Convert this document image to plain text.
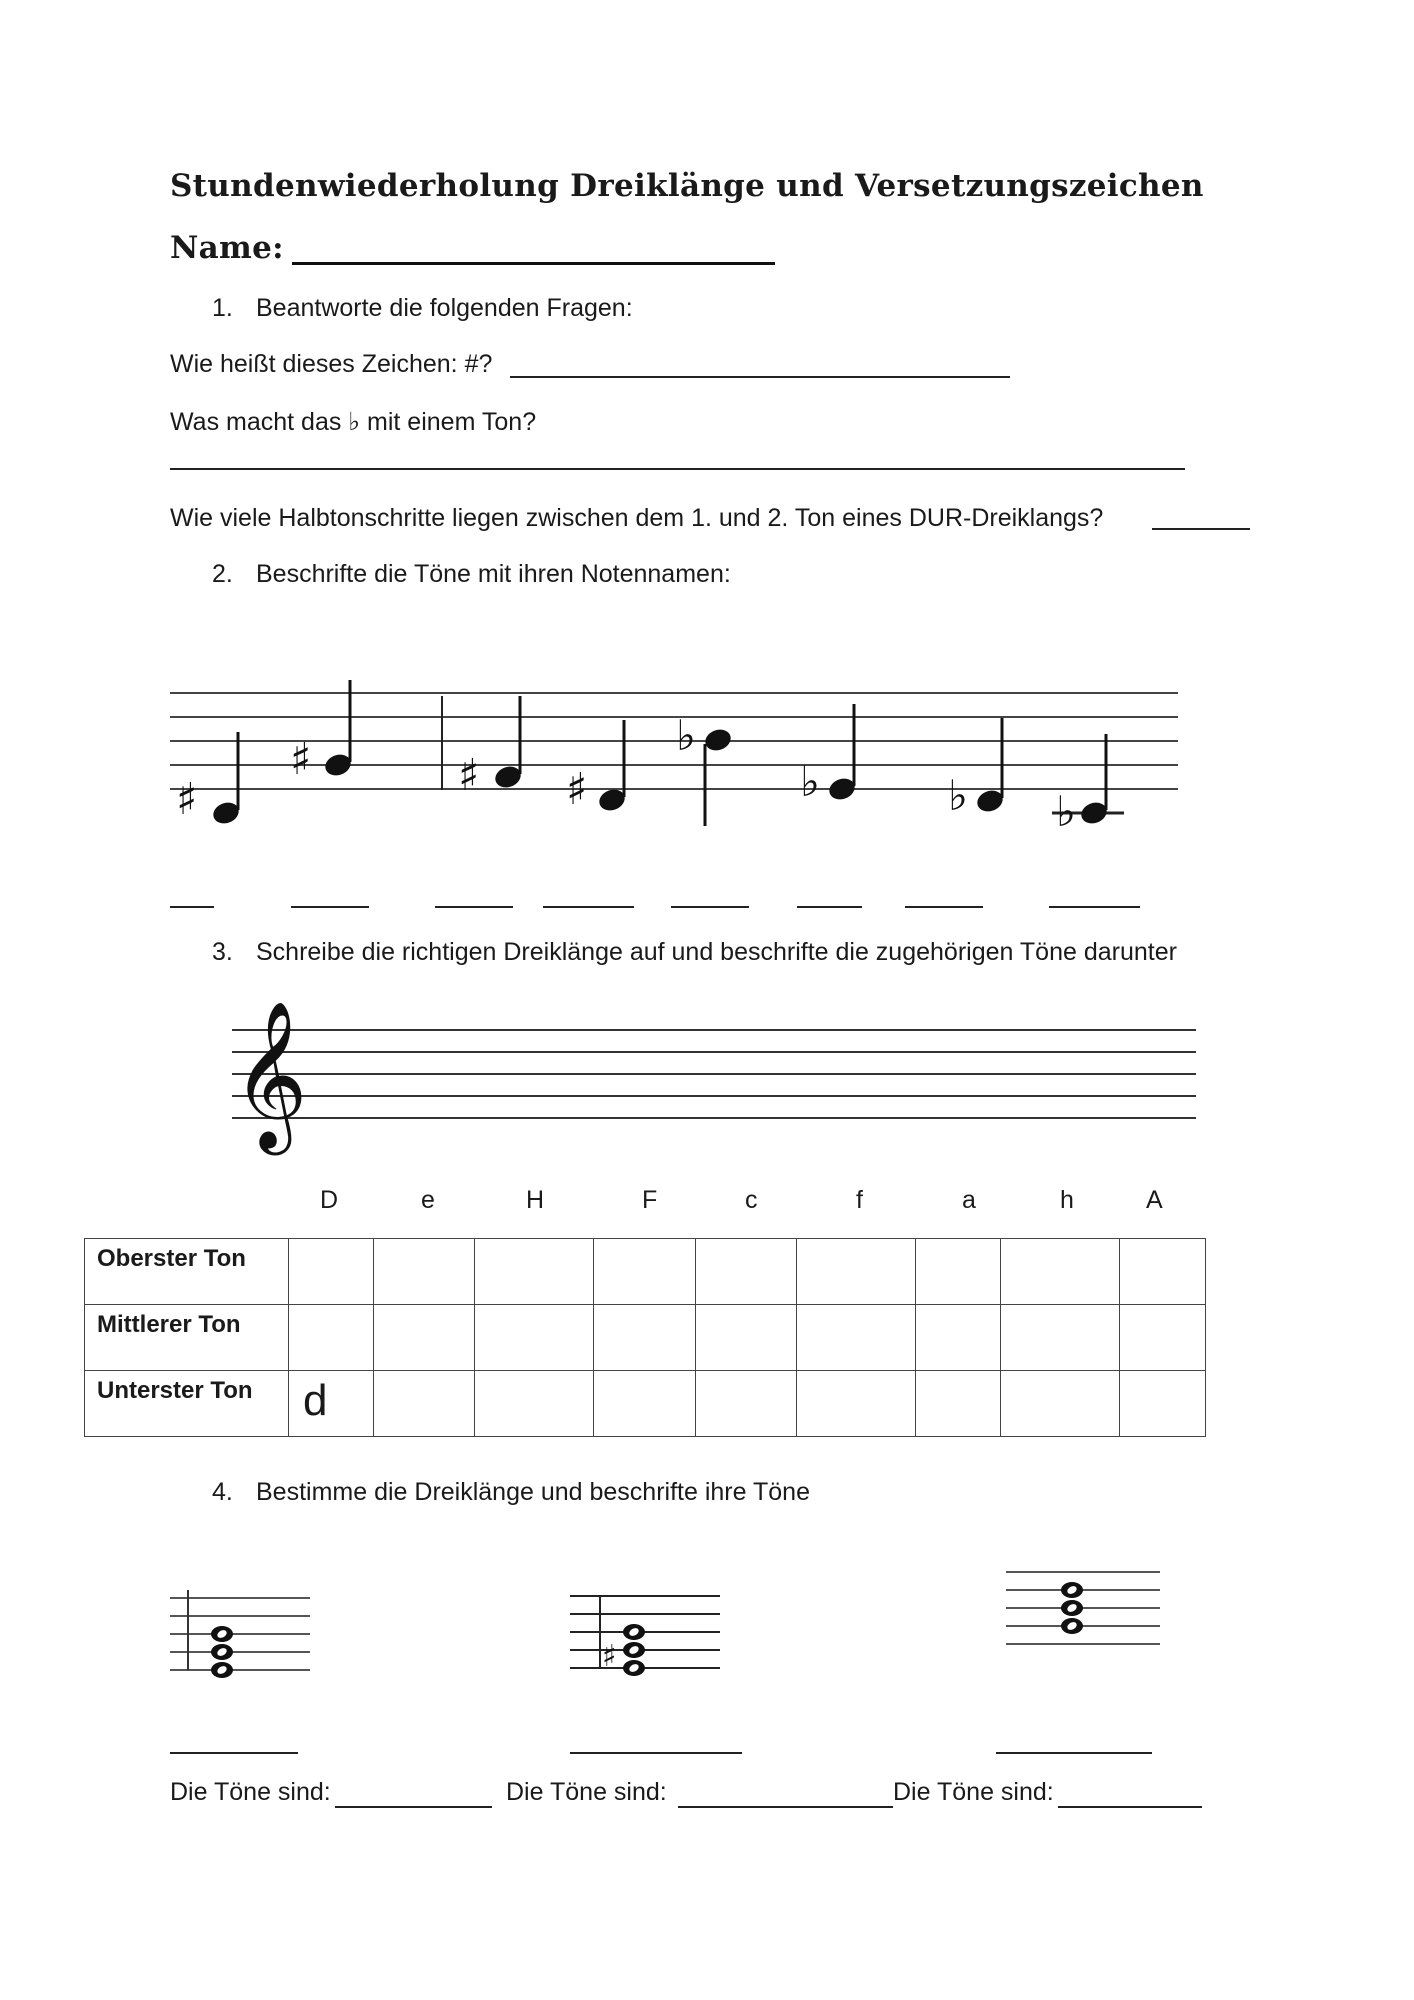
Stundenwiederholung Dreiklänge und Versetzungszeichen
Name:
1. Beantworte die folgenden Fragen:
Wie heißt dieses Zeichen: #?
Was macht das ♭ mit einem Ton?
Wie viele Halbtonschritte liegen zwischen dem 1. und 2. Ton eines DUR-Dreiklangs?
2. Beschrifte die Töne mit ihren Notennamen:
♯
♯	♯ ♯
♭
♭	♭ ♭
3. Schreibe die richtigen Dreiklänge auf und beschrifte die zugehörigen Töne darunter
𝄞
D	e	H	F	c	f	a	h	A
Oberster Ton									
Mittlerer Ton									
Unterster Ton	d								
4. Bestimme die Dreiklänge und beschrifte ihre Töne
♯
Die Töne sind:	Die Töne sind:	Die Töne sind:
